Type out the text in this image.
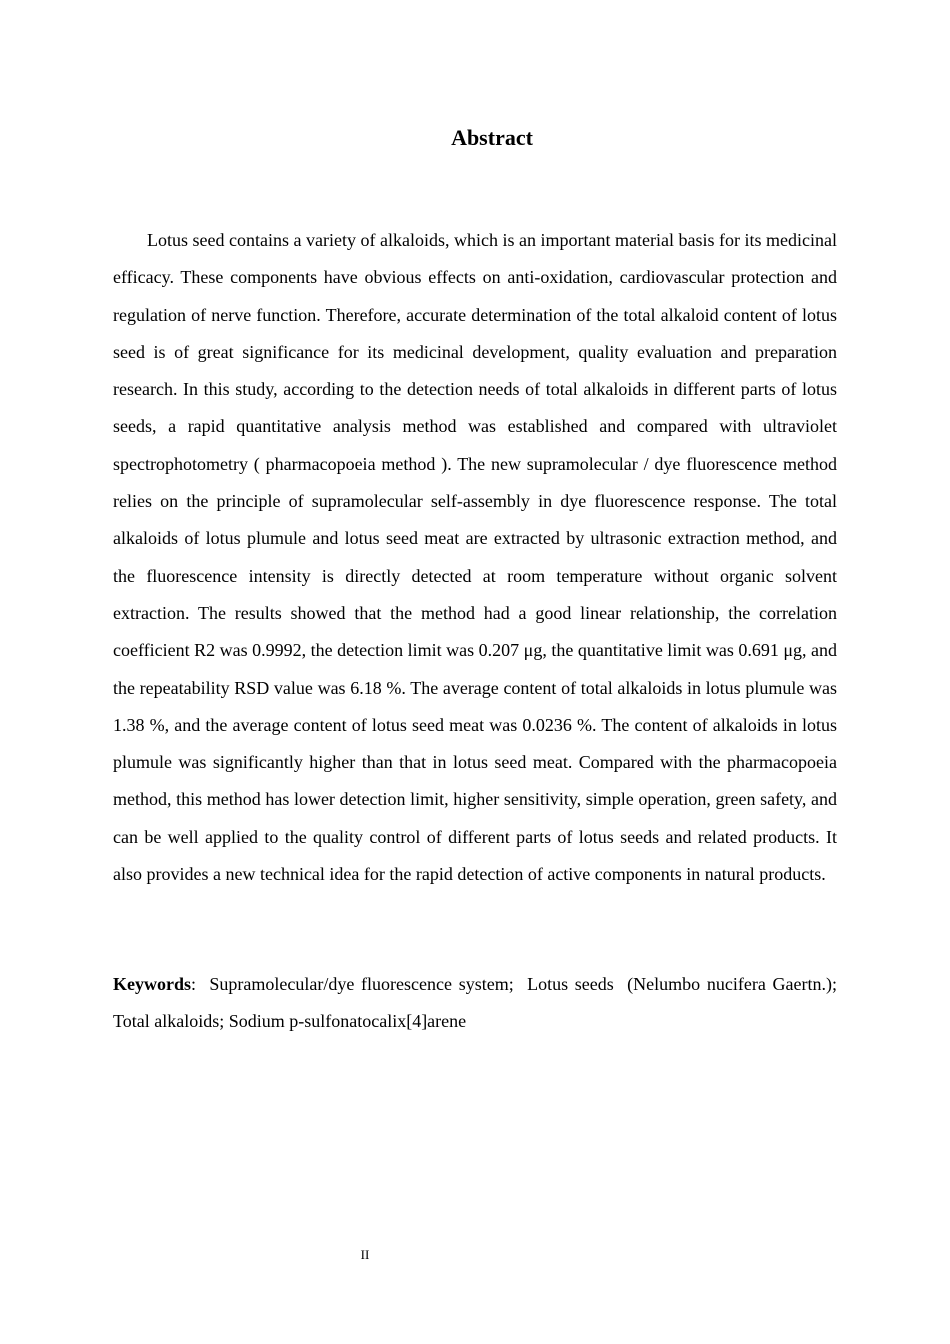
Abstract

Lotus seed contains a variety of alkaloids, which is an important material basis for its medicinal efficacy. These components have obvious effects on anti-oxidation, cardiovascular protection and regulation of nerve function. Therefore, accurate determination of the total alkaloid content of lotus seed is of great significance for its medicinal development, quality evaluation and preparation research. In this study, according to the detection needs of total alkaloids in different parts of lotus seeds, a rapid quantitative analysis method was established and compared with ultraviolet spectrophotometry ( pharmacopoeia method ). The new supramolecular / dye fluorescence method relies on the principle of supramolecular self-assembly in dye fluorescence response. The total alkaloids of lotus plumule and lotus seed meat are extracted by ultrasonic extraction method, and the fluorescence intensity is directly detected at room temperature without organic solvent extraction. The results showed that the method had a good linear relationship, the correlation coefficient R2 was 0.9992, the detection limit was 0.207 μg, the quantitative limit was 0.691 μg, and the repeatability RSD value was 6.18 %. The average content of total alkaloids in lotus plumule was 1.38 %, and the average content of lotus seed meat was 0.0236 %. The content of alkaloids in lotus plumule was significantly higher than that in lotus seed meat. Compared with the pharmacopoeia method, this method has lower detection limit, higher sensitivity, simple operation, green safety, and can be well applied to the quality control of different parts of lotus seeds and related products. It also provides a new technical idea for the rapid detection of active components in natural products.

Keywords:  Supramolecular/dye fluorescence system;  Lotus seeds  (Nelumbo nucifera Gaertn.);  Total alkaloids; Sodium p-sulfonatocalix[4]arene

II
